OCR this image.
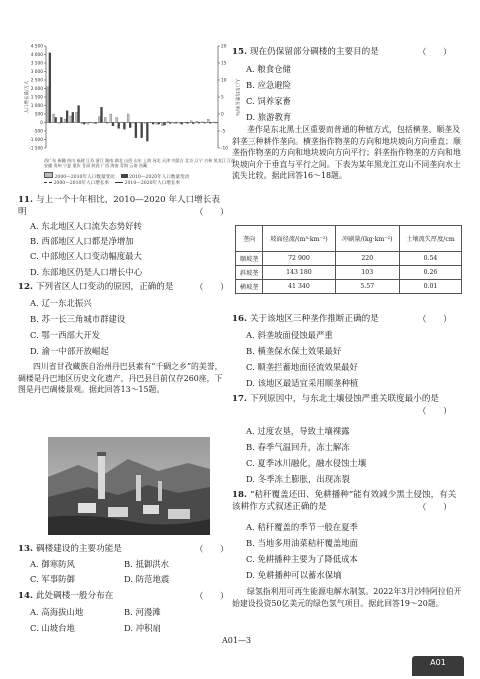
4 500
4 000
3 500
3 000
2 500
2 000
1 500
1 000
500
0
-500
-1 000
-1 500
20
15
10
5
0
-5
-10
人口增长量/万人	人口年均增长率/%
西广东 新疆 四川 福建 江苏 浙江 湖南 湖北 山西 山东 上海 河北 天津 内蒙古 北京 辽宁 吉林 黑龙江 江西 安徽 贵州 宁夏 重庆 甘肃 陕西 广西 海南 青海 云南 西藏
2000—2010年人口数量变动　	2010—2020年人口数量变动
2000—2010年人口增长率　	2010—2020年人口增长率
11. 与上一个十年相比，2010—2020 年人口增长表明	（　　）
A. 东北地区人口流失态势好转
B. 西部地区人口都是净增加
C. 中部地区人口变动幅度最大
D. 东部地区仍是人口增长中心
12. 下列省区人口变动的原因，正确的是	（　　）
A. 辽一东北振兴
B. 苏一长三角城市群建设
C. 鄂一西部大开发
D. 渝一中部开放崛起
四川省甘孜藏族自治州丹巴县素有“千碉之乡”的美誉，碉楼是丹巴地区历史文化遗产，丹巴县目前仅存260座，下图是丹巴碉楼景观。据此回答13～15题。
13. 碉楼建设的主要功能是	（　　）
A. 御寒防风	B. 抵御洪水
C. 军事防御	D. 防范地震
14. 此处碉楼一般分布在	（　　）
A. 高海拔山地	B. 河漫滩
C. 山坡台地	D. 冲积扇
15. 现在仍保留部分碉楼的主要目的是	（　　）
A. 粮食仓储
B. 应急避险
C. 饲养家畜
D. 旅游教育
垄作是东北黑土区重要而普通的种植方式，包括横垄、顺垄及斜垄三种耕作垄向。横垄指作物垄的方向和地块坡向方向垂直；顺垄指作物垄的方向和地块坡向方向平行；斜垄指作物垄的方向和地块坡向介于垂直与平行之间。下表为某年黑龙江克山不同垄向水土流失比较。据此回答16～18题。
垄向	坡面径流/(m³·km⁻²)	冲刷量/(kg·km⁻²)	土壤流失厚度/cm
顺坡垄	72 900	220	0.54
斜坡垄	143 180	103	0.26
横坡垄	41 340	5.57	0.01
16. 关于该地区三种垄作推断正确的是	（　　）
A. 斜垄坡面侵蚀最严重
B. 横垄保水保土效果最好
C. 顺垄拦蓄地面径流效果最好
D. 该地区最适宜采用顺垄种植
17. 下列原因中，与东北土壤侵蚀严重关联度最小的是
（　　）
A. 过度农垦，导致土壤裸露
B. 春季气温回升，冻土解冻
C. 夏季冰川融化，融水侵蚀土壤
D. 冬季冻土膨胀，出现冻裂
18. “秸秆覆盖还田、免耕播种”能有效减少黑土侵蚀，有关该耕作方式叙述正确的是	（　　）
A. 秸秆覆盖的季节一般在夏季
B. 当地多用油菜秸秆覆盖地面
C. 免耕播种主要为了降低成本
D. 免耕播种可以蓄水保墒
绿氢指利用可再生能源电解水制氢。2022年3月沙特阿拉伯开始建设投资50亿美元的绿色氢气项目。据此回答19～20题。
A01—3
A01
